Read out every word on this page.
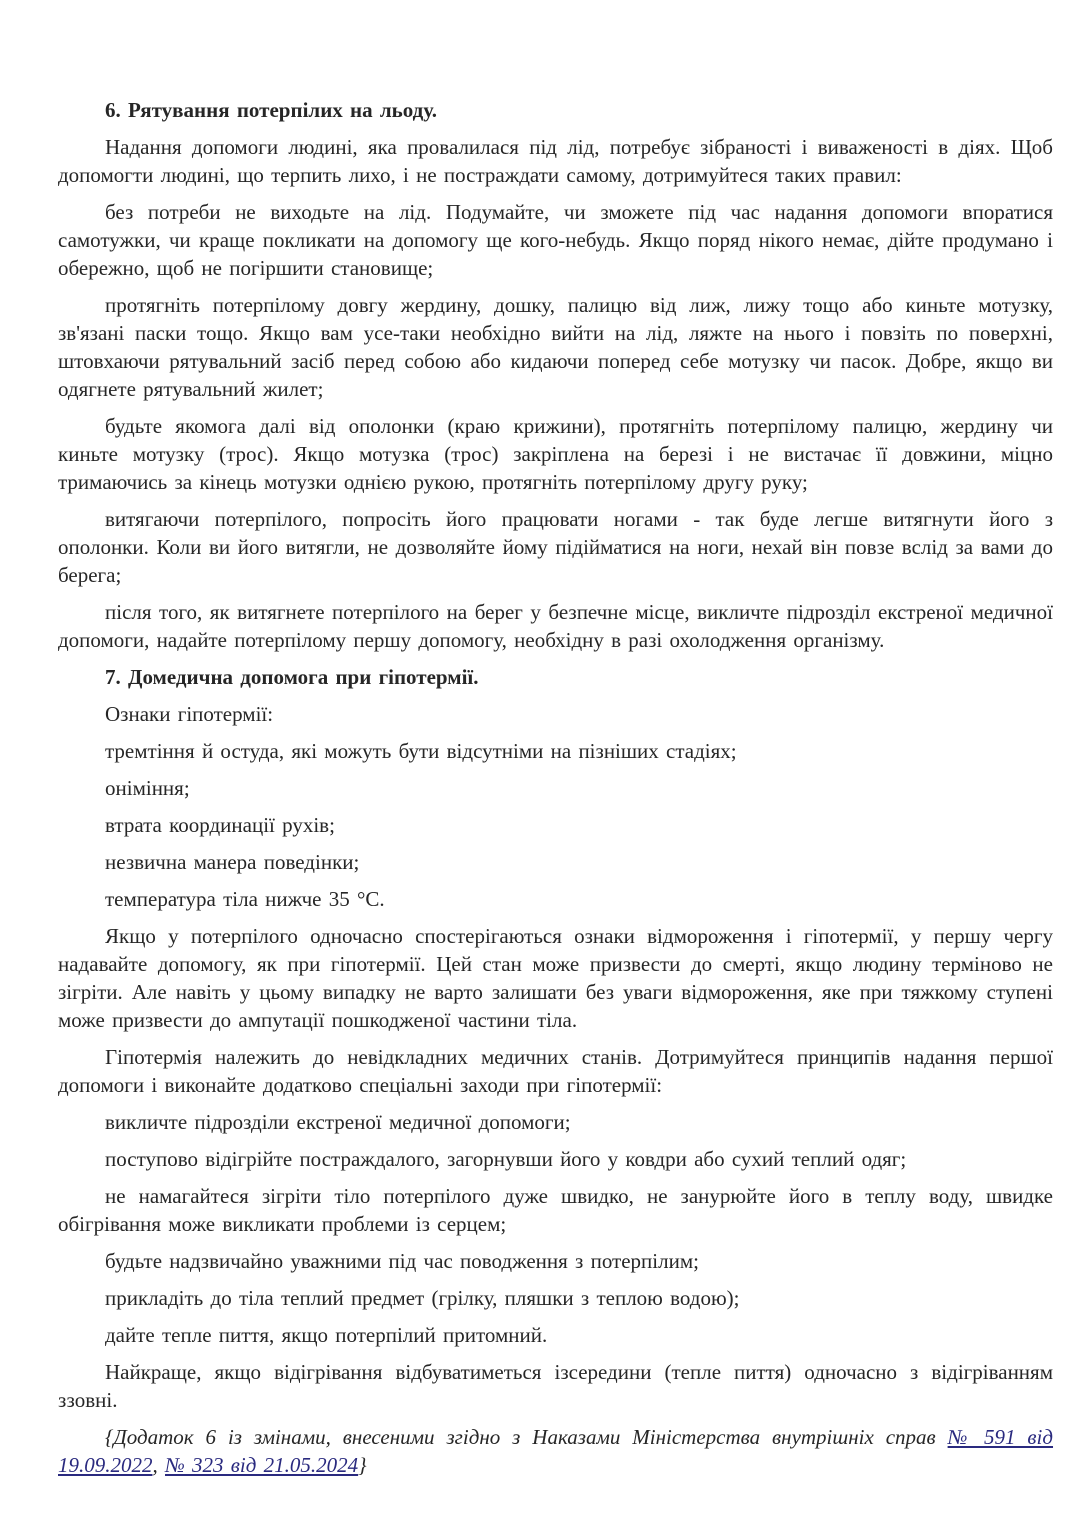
6. Рятування потерпілих на льоду.

Надання допомоги людині, яка провалилася під лід, потребує зібраності і виваженості в діях. Щоб допомогти людині, що терпить лихо, і не постраждати самому, дотримуйтеся таких правил:

без потреби не виходьте на лід. Подумайте, чи зможете під час надання допомоги впоратися самотужки, чи краще покликати на допомогу ще кого-небудь. Якщо поряд нікого немає, дійте продумано і обережно, щоб не погіршити становище;

протягніть потерпілому довгу жердину, дошку, палицю від лиж, лижу тощо або киньте мотузку, зв'язані паски тощо. Якщо вам усе-таки необхідно вийти на лід, ляжте на нього і повзіть по поверхні, штовхаючи рятувальний засіб перед собою або кидаючи поперед себе мотузку чи пасок. Добре, якщо ви одягнете рятувальний жилет;

будьте якомога далі від ополонки (краю крижини), протягніть потерпілому палицю, жердину чи киньте мотузку (трос). Якщо мотузка (трос) закріплена на березі і не вистачає її довжини, міцно тримаючись за кінець мотузки однією рукою, протягніть потерпілому другу руку;

витягаючи потерпілого, попросіть його працювати ногами - так буде легше витягнути його з ополонки. Коли ви його витягли, не дозволяйте йому підійматися на ноги, нехай він повзе вслід за вами до берега;

після того, як витягнете потерпілого на берег у безпечне місце, викличте підрозділ екстреної медичної допомоги, надайте потерпілому першу допомогу, необхідну в разі охолодження організму.

7. Домедична допомога при гіпотермії.

Ознаки гіпотермії:

тремтіння й остуда, які можуть бути відсутніми на пізніших стадіях;

оніміння;

втрата координації рухів;

незвична манера поведінки;

температура тіла нижче 35 °С.

Якщо у потерпілого одночасно спостерігаються ознаки відмороження і гіпотермії, у першу чергу надавайте допомогу, як при гіпотермії. Цей стан може призвести до смерті, якщо людину терміново не зігріти. Але навіть у цьому випадку не варто залишати без уваги відмороження, яке при тяжкому ступені може призвести до ампутації пошкодженої частини тіла.

Гіпотермія належить до невідкладних медичних станів. Дотримуйтеся принципів надання першої допомоги і виконайте додатково спеціальні заходи при гіпотермії:

викличте підрозділи екстреної медичної допомоги;

поступово відігрійте постраждалого, загорнувши його у ковдри або сухий теплий одяг;

не намагайтеся зігріти тіло потерпілого дуже швидко, не занурюйте його в теплу воду, швидке обігрівання може викликати проблеми із серцем;

будьте надзвичайно уважними під час поводження з потерпілим;

прикладіть до тіла теплий предмет (грілку, пляшки з теплою водою);

дайте тепле пиття, якщо потерпілий притомний.

Найкраще, якщо відігрівання відбуватиметься ізсередини (тепле пиття) одночасно з відігріванням ззовні.

{Додаток 6 із змінами, внесеними згідно з Наказами Міністерства внутрішніх справ № 591 від 19.09.2022, № 323 від 21.05.2024}
